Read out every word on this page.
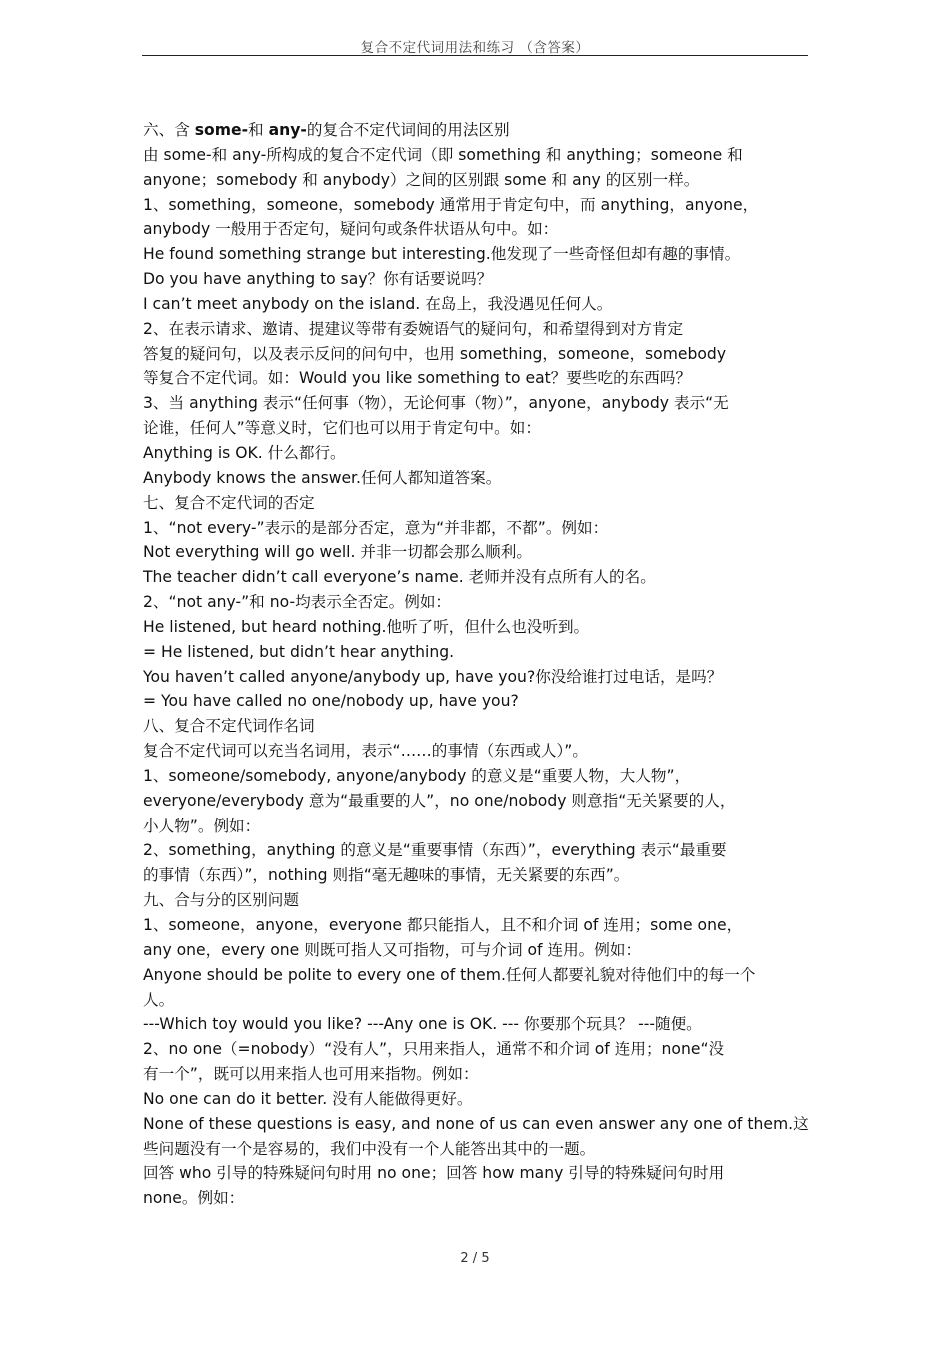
复合不定代词用法和练习 （含答案）
六、含 some-和 any-的复合不定代词间的用法区别
由 some-和 any-所构成的复合不定代词（即 something 和 anything；someone 和
anyone；somebody 和 anybody）之间的区别跟 some 和 any 的区别一样。
1、something，someone，somebody 通常用于肯定句中，而 anything，anyone，
anybody 一般用于否定句，疑问句或条件状语从句中。如：
He found something strange but interesting.他发现了一些奇怪但却有趣的事情。
Do you have anything to say？你有话要说吗？
I can’t meet anybody on the island. 在岛上，我没遇见任何人。
2、在表示请求、邀请、提建议等带有委婉语气的疑问句，和希望得到对方肯定
答复的疑问句，以及表示反问的问句中，也用 something，someone，somebody
等复合不定代词。如：Would you like something to eat？要些吃的东西吗？
3、当 anything 表示“任何事（物），无论何事（物）”，anyone，anybody 表示“无
论谁，任何人”等意义时，它们也可以用于肯定句中。如：
Anything is OK. 什么都行。
Anybody knows the answer.任何人都知道答案。
七、复合不定代词的否定
1、“not every-”表示的是部分否定，意为“并非都，不都”。例如：
Not everything will go well. 并非一切都会那么顺利。
The teacher didn’t call everyone’s name. 老师并没有点所有人的名。
2、“not any-”和 no-均表示全否定。例如：
He listened, but heard nothing.他听了听，但什么也没听到。
= He listened, but didn’t hear anything.
You haven’t called anyone/anybody up, have you?你没给谁打过电话，是吗？
= You have called no one/nobody up, have you?
八、复合不定代词作名词
复合不定代词可以充当名词用，表示“……的事情（东西或人）”。
1、someone/somebody, anyone/anybody 的意义是“重要人物，大人物”，
everyone/everybody 意为“最重要的人”，no one/nobody 则意指“无关紧要的人，
小人物”。例如：
2、something，anything 的意义是“重要事情（东西）”，everything 表示“最重要
的事情（东西）”，nothing 则指“毫无趣味的事情，无关紧要的东西”。
九、合与分的区别问题
1、someone，anyone，everyone 都只能指人，且不和介词 of 连用；some one，
any one，every one 则既可指人又可指物，可与介词 of 连用。例如：
Anyone should be polite to every one of them.任何人都要礼貌对待他们中的每一个
人。
---Which toy would you like? ---Any one is OK. --- 你要那个玩具？ ---随便。
2、no one（=nobody）“没有人”，只用来指人，通常不和介词 of 连用；none“没
有一个”，既可以用来指人也可用来指物。例如：
No one can do it better. 没有人能做得更好。
None of these questions is easy, and none of us can even answer any one of them.这
些问题没有一个是容易的，我们中没有一个人能答出其中的一题。
回答 who 引导的特殊疑问句时用 no one；回答 how many 引导的特殊疑问句时用
none。例如：
2 / 5
